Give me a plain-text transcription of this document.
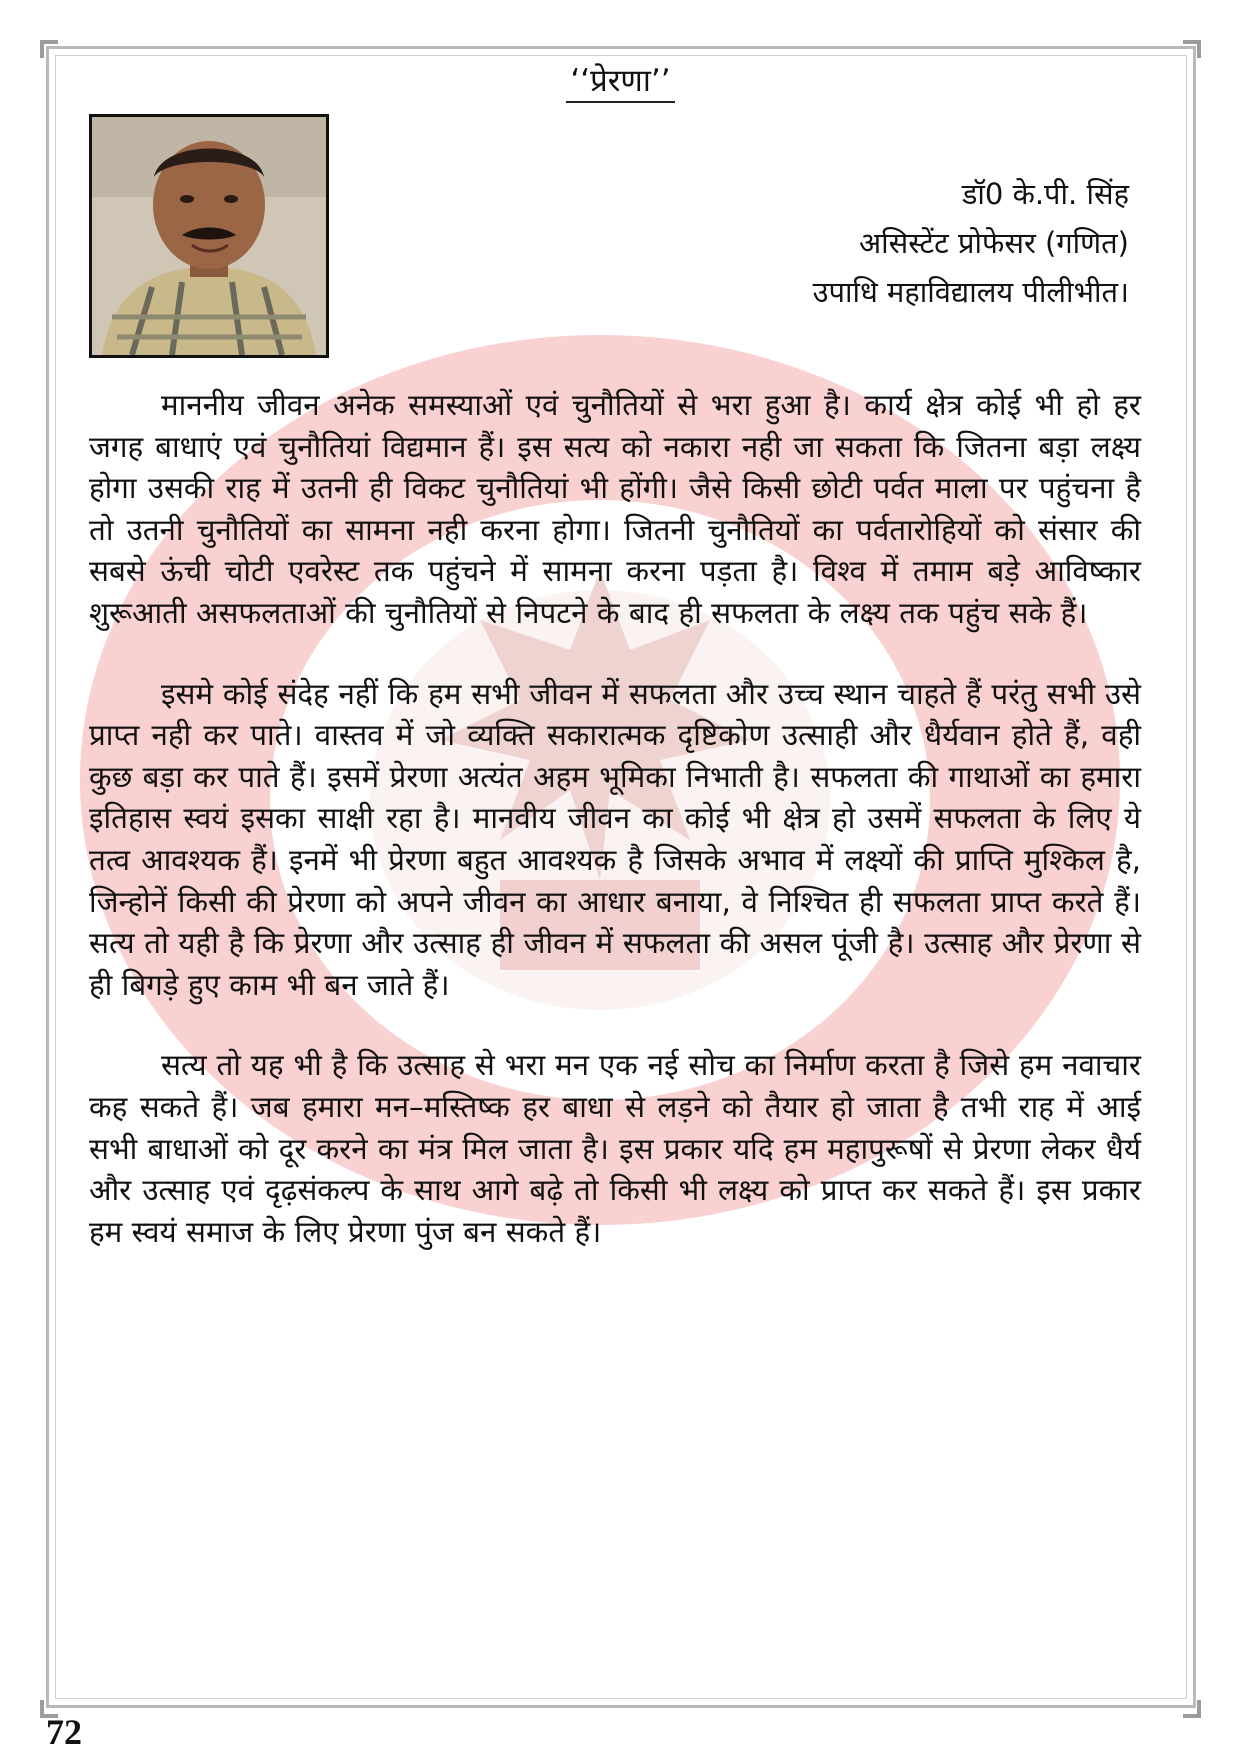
‘‘प्रेरणा’’
डॉ0 के.पी. सिंह
असिस्टेंट प्रोफेसर (गणित)
उपाधि महाविद्यालय पीलीभीत।

माननीय जीवन अनेक समस्याओं एवं चुनौतियों से भरा हुआ है। कार्य क्षेत्र कोई भी हो हर जगह बाधाएं एवं चुनौतियां विद्यमान हैं। इस सत्य को नकारा नही जा सकता कि जितना बड़ा लक्ष्य होगा उसकी राह में उतनी ही विकट चुनौतियां भी होंगी। जैसे किसी छोटी पर्वत माला पर पहुंचना है तो उतनी चुनौतियों का सामना नही करना होगा। जितनी चुनौतियों का पर्वतारोहियों को संसार की सबसे ऊंची चोटी एवरेस्ट तक पहुंचने में सामना करना पड़ता है। विश्व में तमाम बड़े आविष्कार शुरूआती असफलताओं की चुनौतियों से निपटने के बाद ही सफलता के लक्ष्य तक पहुंच सके हैं।

इसमे कोई संदेह नहीं कि हम सभी जीवन में सफलता और उच्च स्थान चाहते हैं परंतु सभी उसे प्राप्त नही कर पाते। वास्तव में जो व्यक्ति सकारात्मक दृष्टिकोण उत्साही और धैर्यवान होते हैं, वही कुछ बड़ा कर पाते हैं। इसमें प्रेरणा अत्यंत अहम भूमिका निभाती है। सफलता की गाथाओं का हमारा इतिहास स्वयं इसका साक्षी रहा है। मानवीय जीवन का कोई भी क्षेत्र हो उसमें सफलता के लिए ये तत्व आवश्यक हैं। इनमें भी प्रेरणा बहुत आवश्यक है जिसके अभाव में लक्ष्यों की प्राप्ति मुश्किल है, जिन्होनें किसी की प्रेरणा को अपने जीवन का आधार बनाया, वे निश्चित ही सफलता प्राप्त करते हैं। सत्य तो यही है कि प्रेरणा और उत्साह ही जीवन में सफलता की असल पूंजी है। उत्साह और प्रेरणा से ही बिगड़े हुए काम भी बन जाते हैं।

सत्य तो यह भी है कि उत्साह से भरा मन एक नई सोच का निर्माण करता है जिसे हम नवाचार कह सकते हैं। जब हमारा मन–मस्तिष्क हर बाधा से लड़ने को तैयार हो जाता है तभी राह में आई सभी बाधाओं को दूर करने का मंत्र मिल जाता है। इस प्रकार यदि हम महापुरूषों से प्रेरणा लेकर धैर्य और उत्साह एवं दृढ़संकल्प के साथ आगे बढ़े तो किसी भी लक्ष्य को प्राप्त कर सकते हैं। इस प्रकार हम स्वयं समाज के लिए प्रेरणा पुंज बन सकते हैं।

72
